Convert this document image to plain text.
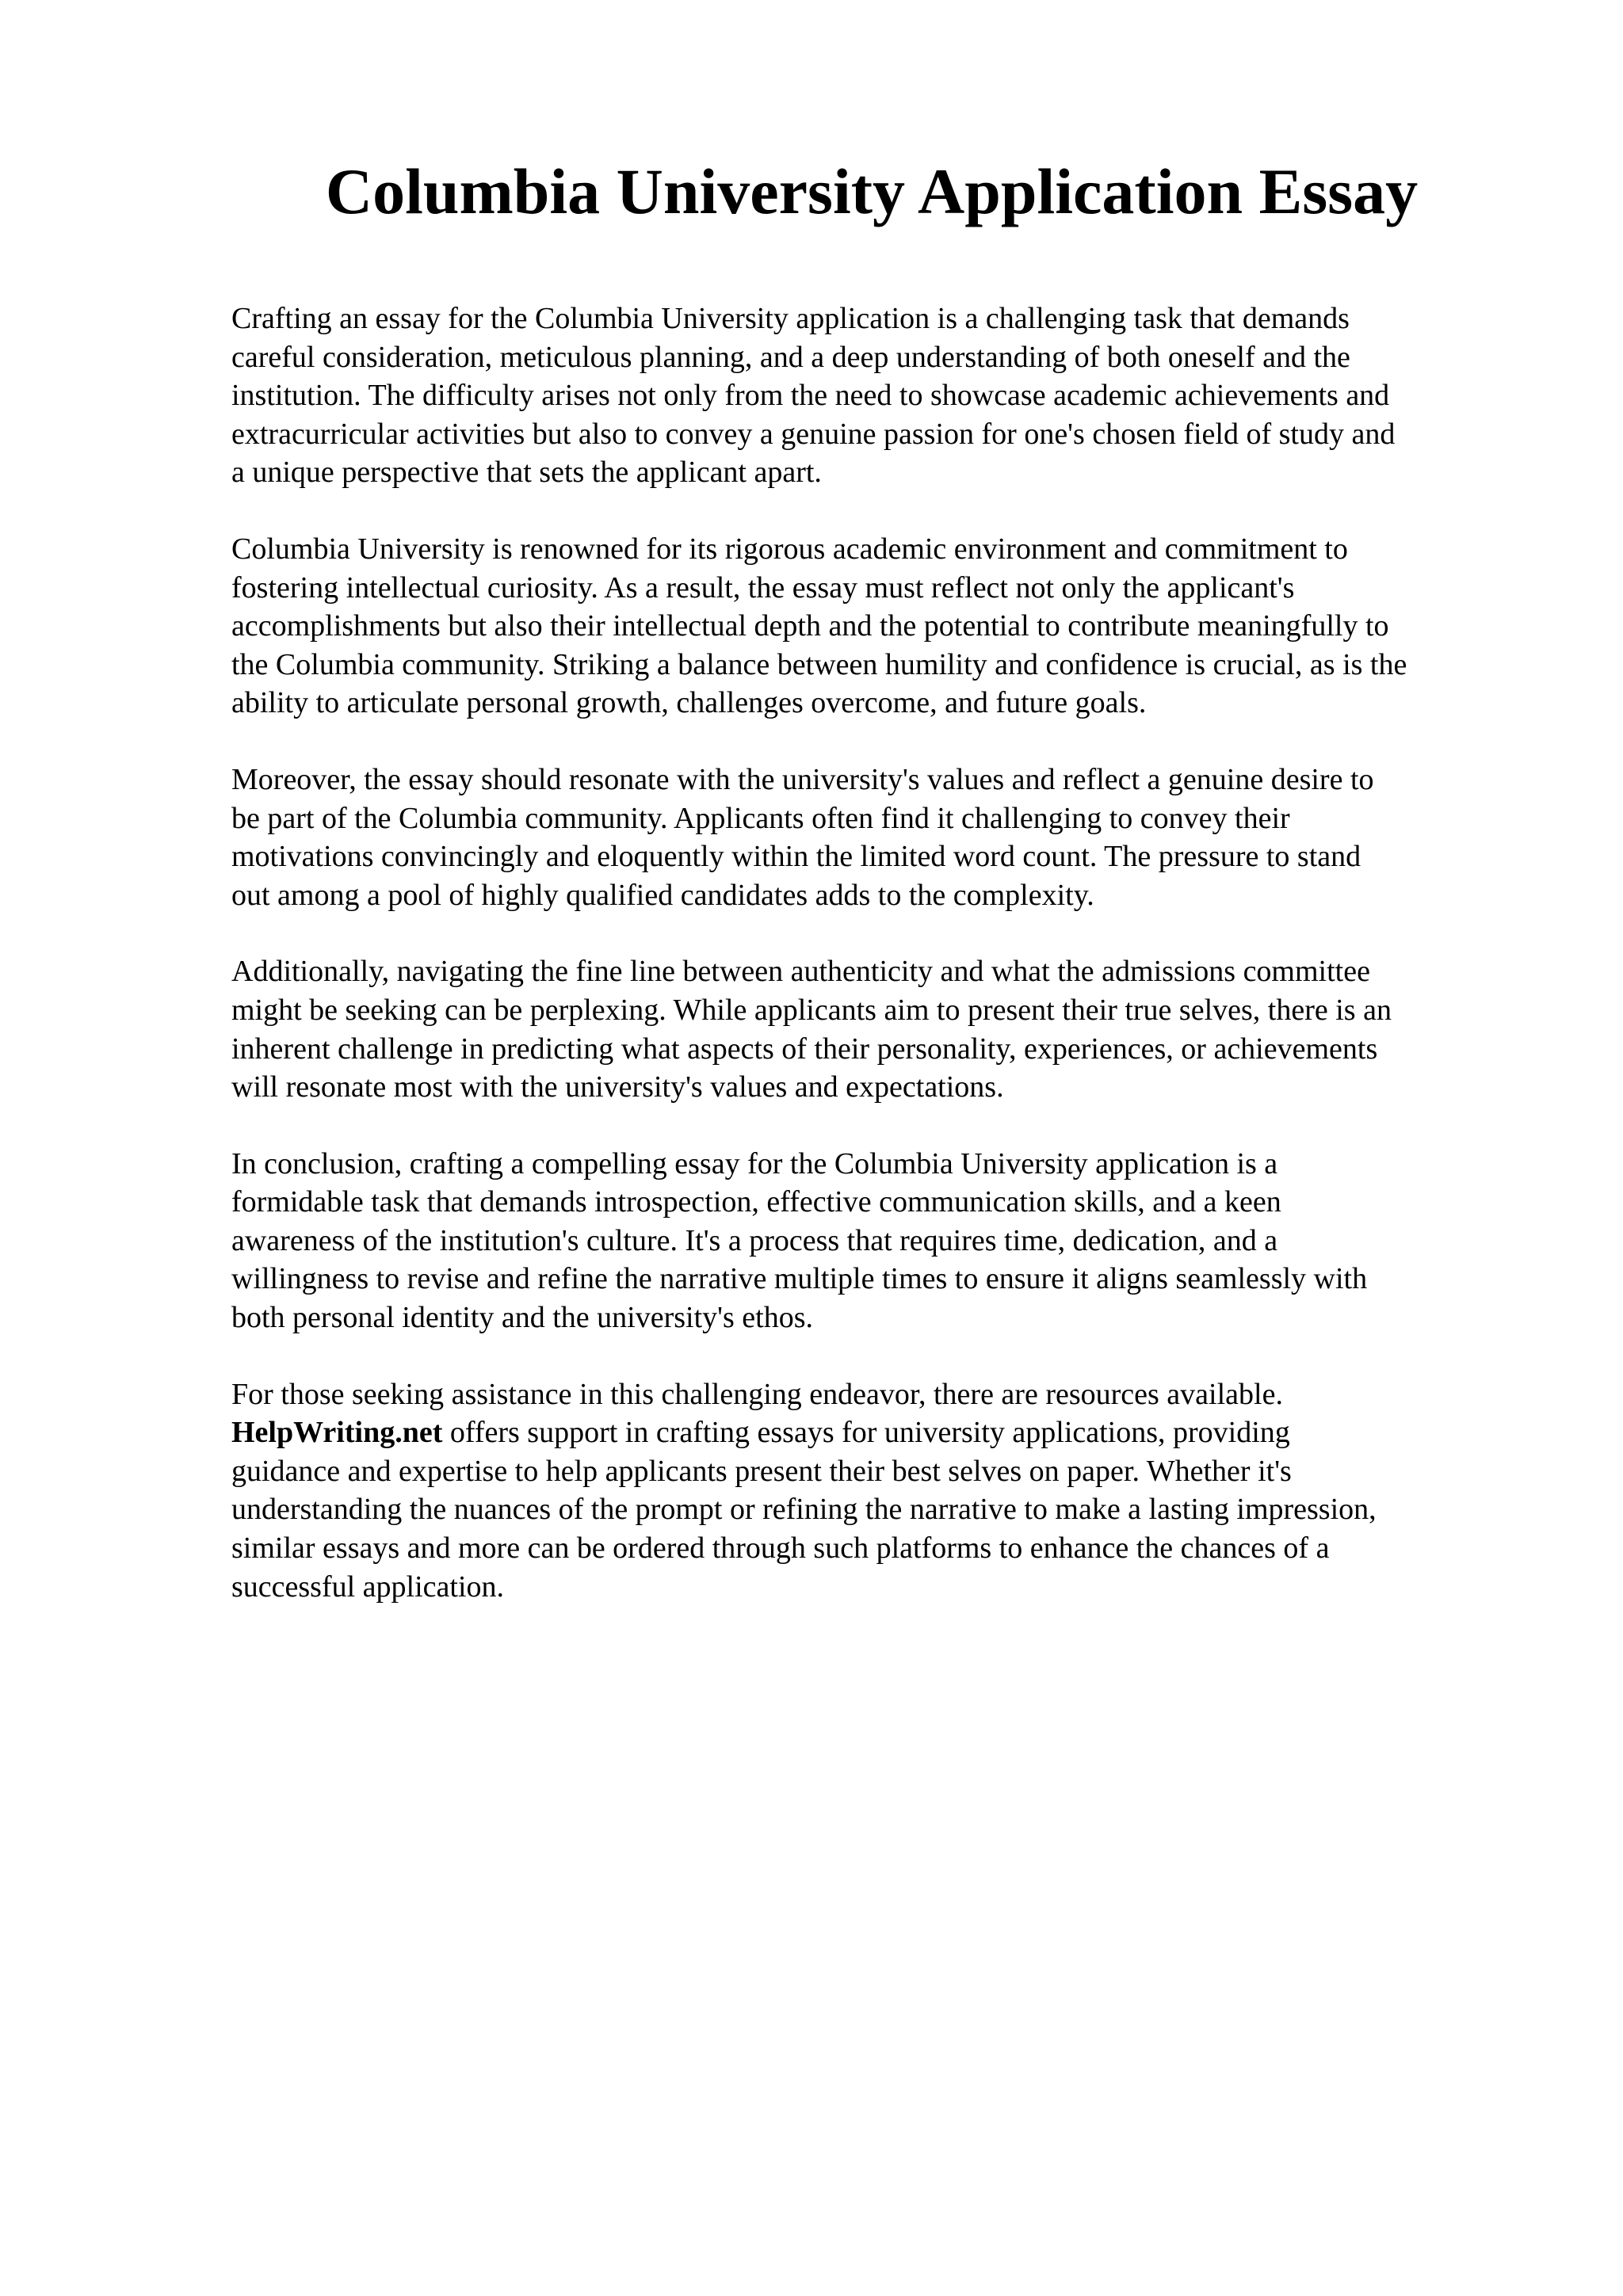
Columbia University Application Essay

Crafting an essay for the Columbia University application is a challenging task that demands
careful consideration, meticulous planning, and a deep understanding of both oneself and the
institution. The difficulty arises not only from the need to showcase academic achievements and
extracurricular activities but also to convey a genuine passion for one's chosen field of study and
a unique perspective that sets the applicant apart.

Columbia University is renowned for its rigorous academic environment and commitment to
fostering intellectual curiosity. As a result, the essay must reflect not only the applicant's
accomplishments but also their intellectual depth and the potential to contribute meaningfully to
the Columbia community. Striking a balance between humility and confidence is crucial, as is the
ability to articulate personal growth, challenges overcome, and future goals.

Moreover, the essay should resonate with the university's values and reflect a genuine desire to
be part of the Columbia community. Applicants often find it challenging to convey their
motivations convincingly and eloquently within the limited word count. The pressure to stand
out among a pool of highly qualified candidates adds to the complexity.

Additionally, navigating the fine line between authenticity and what the admissions committee
might be seeking can be perplexing. While applicants aim to present their true selves, there is an
inherent challenge in predicting what aspects of their personality, experiences, or achievements
will resonate most with the university's values and expectations.

In conclusion, crafting a compelling essay for the Columbia University application is a
formidable task that demands introspection, effective communication skills, and a keen
awareness of the institution's culture. It's a process that requires time, dedication, and a
willingness to revise and refine the narrative multiple times to ensure it aligns seamlessly with
both personal identity and the university's ethos.

For those seeking assistance in this challenging endeavor, there are resources available.
HelpWriting.net offers support in crafting essays for university applications, providing
guidance and expertise to help applicants present their best selves on paper. Whether it's
understanding the nuances of the prompt or refining the narrative to make a lasting impression,
similar essays and more can be ordered through such platforms to enhance the chances of a
successful application.
